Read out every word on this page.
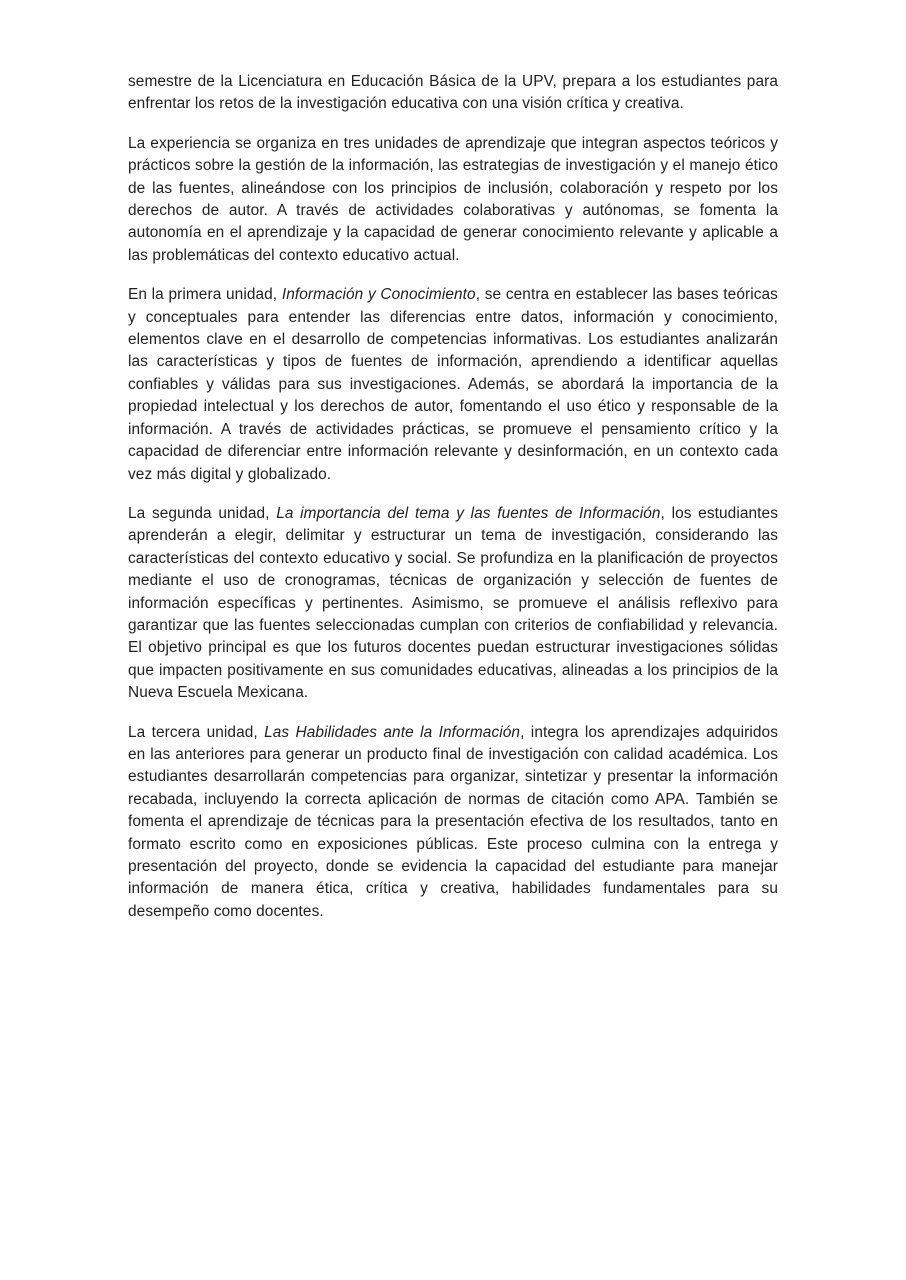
semestre de la Licenciatura en Educación Básica de la UPV, prepara a los estudiantes para enfrentar los retos de la investigación educativa con una visión crítica y creativa.

La experiencia se organiza en tres unidades de aprendizaje que integran aspectos teóricos y prácticos sobre la gestión de la información, las estrategias de investigación y el manejo ético de las fuentes, alineándose con los principios de inclusión, colaboración y respeto por los derechos de autor. A través de actividades colaborativas y autónomas, se fomenta la autonomía en el aprendizaje y la capacidad de generar conocimiento relevante y aplicable a las problemáticas del contexto educativo actual.

En la primera unidad, Información y Conocimiento, se centra en establecer las bases teóricas y conceptuales para entender las diferencias entre datos, información y conocimiento, elementos clave en el desarrollo de competencias informativas. Los estudiantes analizarán las características y tipos de fuentes de información, aprendiendo a identificar aquellas confiables y válidas para sus investigaciones. Además, se abordará la importancia de la propiedad intelectual y los derechos de autor, fomentando el uso ético y responsable de la información. A través de actividades prácticas, se promueve el pensamiento crítico y la capacidad de diferenciar entre información relevante y desinformación, en un contexto cada vez más digital y globalizado.

La segunda unidad, La importancia del tema y las fuentes de Información, los estudiantes aprenderán a elegir, delimitar y estructurar un tema de investigación, considerando las características del contexto educativo y social. Se profundiza en la planificación de proyectos mediante el uso de cronogramas, técnicas de organización y selección de fuentes de información específicas y pertinentes. Asimismo, se promueve el análisis reflexivo para garantizar que las fuentes seleccionadas cumplan con criterios de confiabilidad y relevancia. El objetivo principal es que los futuros docentes puedan estructurar investigaciones sólidas que impacten positivamente en sus comunidades educativas, alineadas a los principios de la Nueva Escuela Mexicana.

La tercera unidad, Las Habilidades ante la Información, integra los aprendizajes adquiridos en las anteriores para generar un producto final de investigación con calidad académica. Los estudiantes desarrollarán competencias para organizar, sintetizar y presentar la información recabada, incluyendo la correcta aplicación de normas de citación como APA. También se fomenta el aprendizaje de técnicas para la presentación efectiva de los resultados, tanto en formato escrito como en exposiciones públicas. Este proceso culmina con la entrega y presentación del proyecto, donde se evidencia la capacidad del estudiante para manejar información de manera ética, crítica y creativa, habilidades fundamentales para su desempeño como docentes.
